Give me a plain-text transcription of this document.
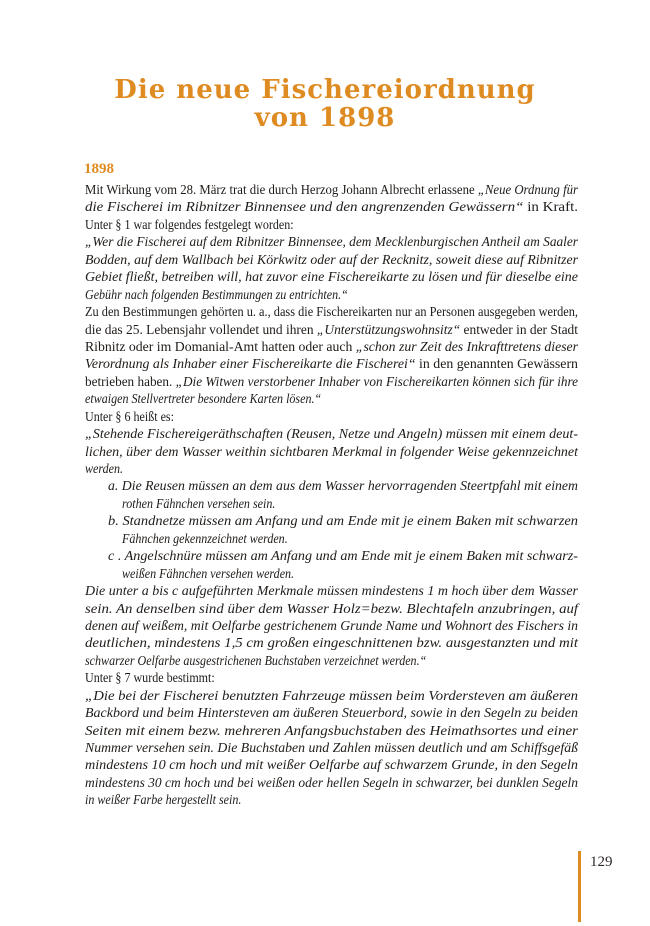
Die neue Fischereiordnung
von 1898
1898
Mit Wirkung vom 28. März trat die durch Herzog Johann Albrecht erlassene „Neue Ordnung für
die Fischerei im Ribnitzer Binnensee und den angrenzenden Gewässern“ in Kraft.
Unter § 1 war folgendes festgelegt worden:
„Wer die Fischerei auf dem Ribnitzer Binnensee, dem Mecklenburgischen Antheil am Saaler
Bodden, auf dem Wallbach bei Körkwitz oder auf der Recknitz, soweit diese auf Ribnitzer
Gebiet fließt, betreiben will, hat zuvor eine Fischereikarte zu lösen und für dieselbe eine
Gebühr nach folgenden Bestimmungen zu entrichten.“
Zu den Bestimmungen gehörten u. a., dass die Fischereikarten nur an Personen ausgegeben werden,
die das 25. Lebensjahr vollendet und ihren „Unterstützungswohnsitz“ entweder in der Stadt
Ribnitz oder im Domanial-Amt hatten oder auch „schon zur Zeit des Inkrafttretens dieser
Verordnung als Inhaber einer Fischereikarte die Fischerei“ in den genannten Gewässern
betrieben haben. „Die Witwen verstorbener Inhaber von Fischereikarten können sich für ihre
etwaigen Stellvertreter besondere Karten lösen.“
Unter § 6 heißt es:
„Stehende Fischereigeräthschaften (Reusen, Netze und Angeln) müssen mit einem deut-
lichen, über dem Wasser weithin sichtbaren Merkmal in folgender Weise gekennzeichnet
werden.
a. Die Reusen müssen an dem aus dem Wasser hervorragenden Steertpfahl mit einem
rothen Fähnchen versehen sein.
b. Standnetze müssen am Anfang und am Ende mit je einem Baken mit schwarzen
Fähnchen gekennzeichnet werden.
c . Angelschnüre müssen am Anfang und am Ende mit je einem Baken mit schwarz-
weißen Fähnchen versehen werden.
Die unter a bis c aufgeführten Merkmale müssen mindestens 1 m hoch über dem Wasser
sein. An denselben sind über dem Wasser Holz=bezw. Blechtafeln anzubringen, auf
denen auf weißem, mit Oelfarbe gestrichenem Grunde Name und Wohnort des Fischers in
deutlichen, mindestens 1,5 cm großen eingeschnittenen bzw. ausgestanzten und mit
schwarzer Oelfarbe ausgestrichenen Buchstaben verzeichnet werden.“
Unter § 7 wurde bestimmt:
„Die bei der Fischerei benutzten Fahrzeuge müssen beim Vordersteven am äußeren
Backbord und beim Hintersteven am äußeren Steuerbord, sowie in den Segeln zu beiden
Seiten mit einem bezw. mehreren Anfangsbuchstaben des Heimathsortes und einer
Nummer versehen sein. Die Buchstaben und Zahlen müssen deutlich und am Schiffsgefäß
mindestens 10 cm hoch und mit weißer Oelfarbe auf schwarzem Grunde, in den Segeln
mindestens 30 cm hoch und bei weißen oder hellen Segeln in schwarzer, bei dunklen Segeln
in weißer Farbe hergestellt sein.
129
